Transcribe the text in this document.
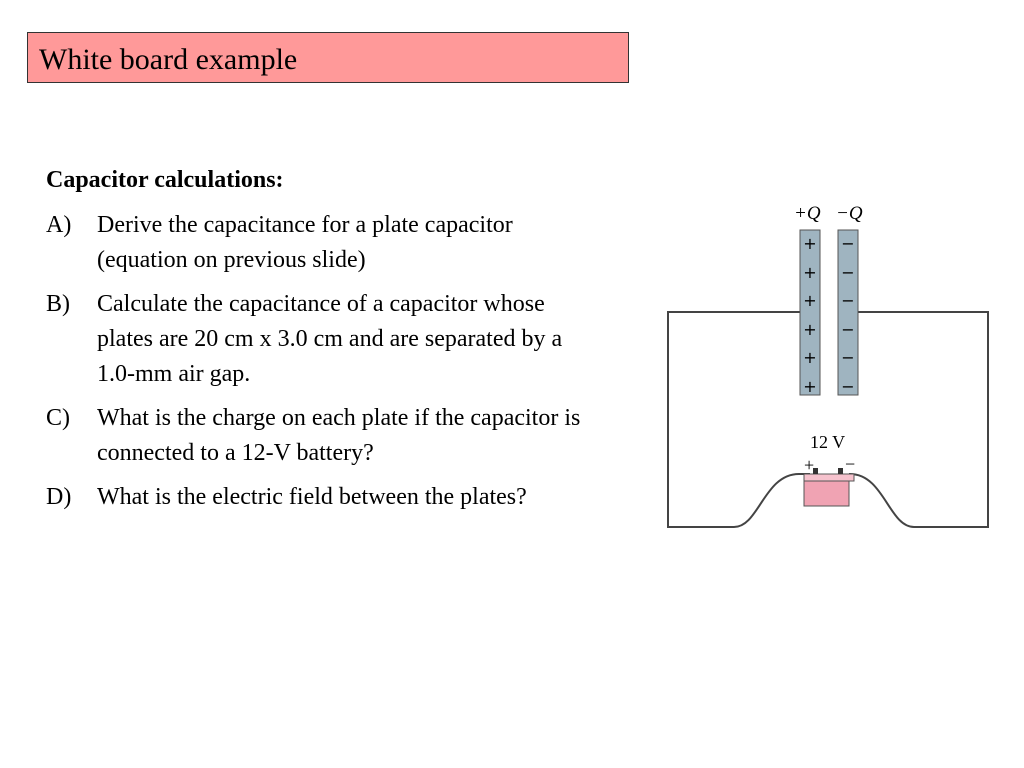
White board example
Capacitor calculations:
A)	Derive the capacitance for a plate capacitor (equation on previous slide)
B)	Calculate the capacitance of a capacitor whose plates are 20 cm x 3.0 cm and are separated by a 1.0-mm air gap.
C)	What is the charge on each plate if the capacitor is connected to a 12-V battery?
D)	What is the electric field between the plates?
+
+
+
+
+
+
−
−
−
−
−
−
+Q −Q
12 V
+ −
